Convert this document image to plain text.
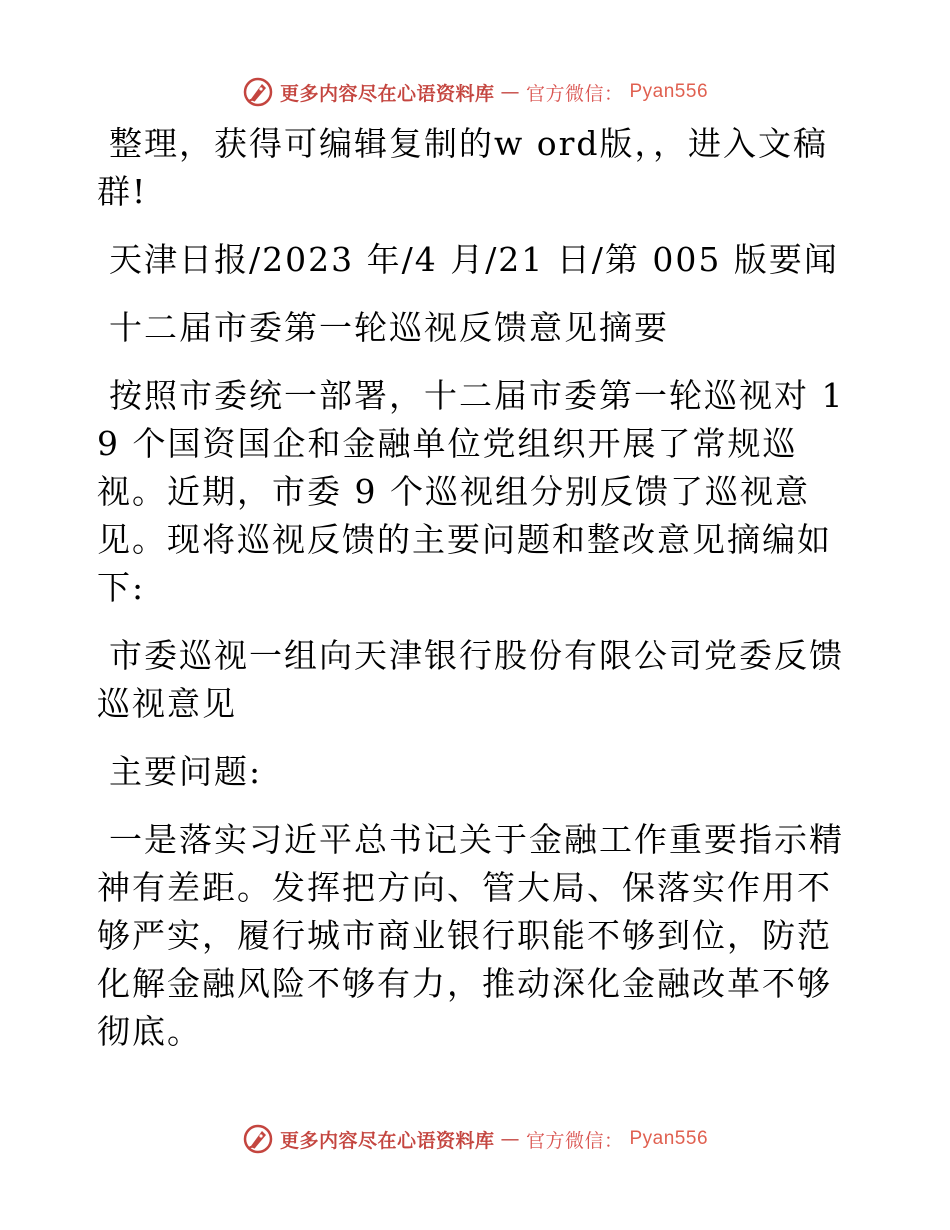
更多内容尽在心语资料库 — 官方微信： Pyan556

整理，获得可编辑复制的w ord版，，进入文稿群!

天津日报/2023 年/4 月/21 日/第 005 版要闻

十二届市委第一轮巡视反馈意见摘要

按照市委统一部署，十二届市委第一轮巡视对 19 个国资国企和金融单位党组织开展了常规巡视。近期，市委 9 个巡视组分别反馈了巡视意见。现将巡视反馈的主要问题和整改意见摘编如下:

市委巡视一组向天津银行股份有限公司党委反馈巡视意见

主要问题:

一是落实习近平总书记关于金融工作重要指示精神有差距。发挥把方向、管大局、保落实作用不够严实，履行城市商业银行职能不够到位，防范化解金融风险不够有力，推动深化金融改革不够彻底。

更多内容尽在心语资料库 — 官方微信： Pyan556
